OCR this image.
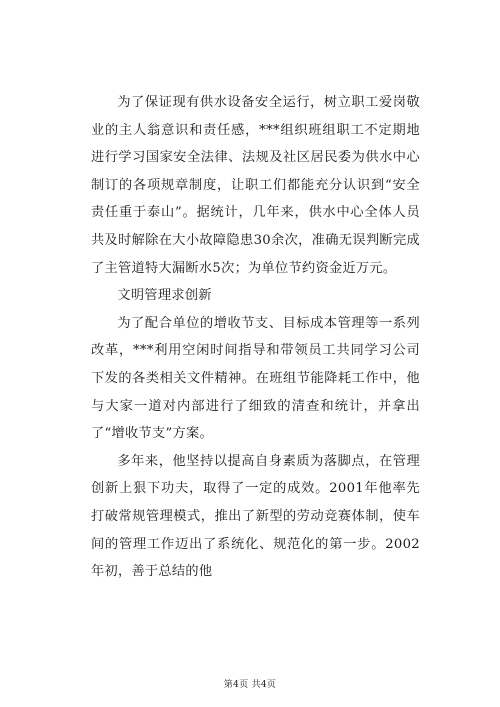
为了保证现有供水设备安全运行，树立职工爱岗敬业的主人翁意识和责任感，***组织班组职工不定期地进行学习国家安全法律、法规及社区居民委为供水中心制订的各项规章制度，让职工们都能充分认识到“安全责任重于泰山”。据统计，几年来，供水中心全体人员共及时解除在大小故障隐患30余次，准确无误判断完成了主管道特大漏断水5次；为单位节约资金近万元。

文明管理求创新

为了配合单位的增收节支、目标成本管理等一系列改革，***利用空闲时间指导和带领员工共同学习公司下发的各类相关文件精神。在班组节能降耗工作中，他与大家一道对内部进行了细致的清查和统计，并拿出了“增收节支”方案。

多年来，他坚持以提高自身素质为落脚点，在管理创新上狠下功夫，取得了一定的成效。2001年他率先打破常规管理模式，推出了新型的劳动竞赛体制，使车间的管理工作迈出了系统化、规范化的第一步。2002年初，善于总结的他

第4页 共4页
